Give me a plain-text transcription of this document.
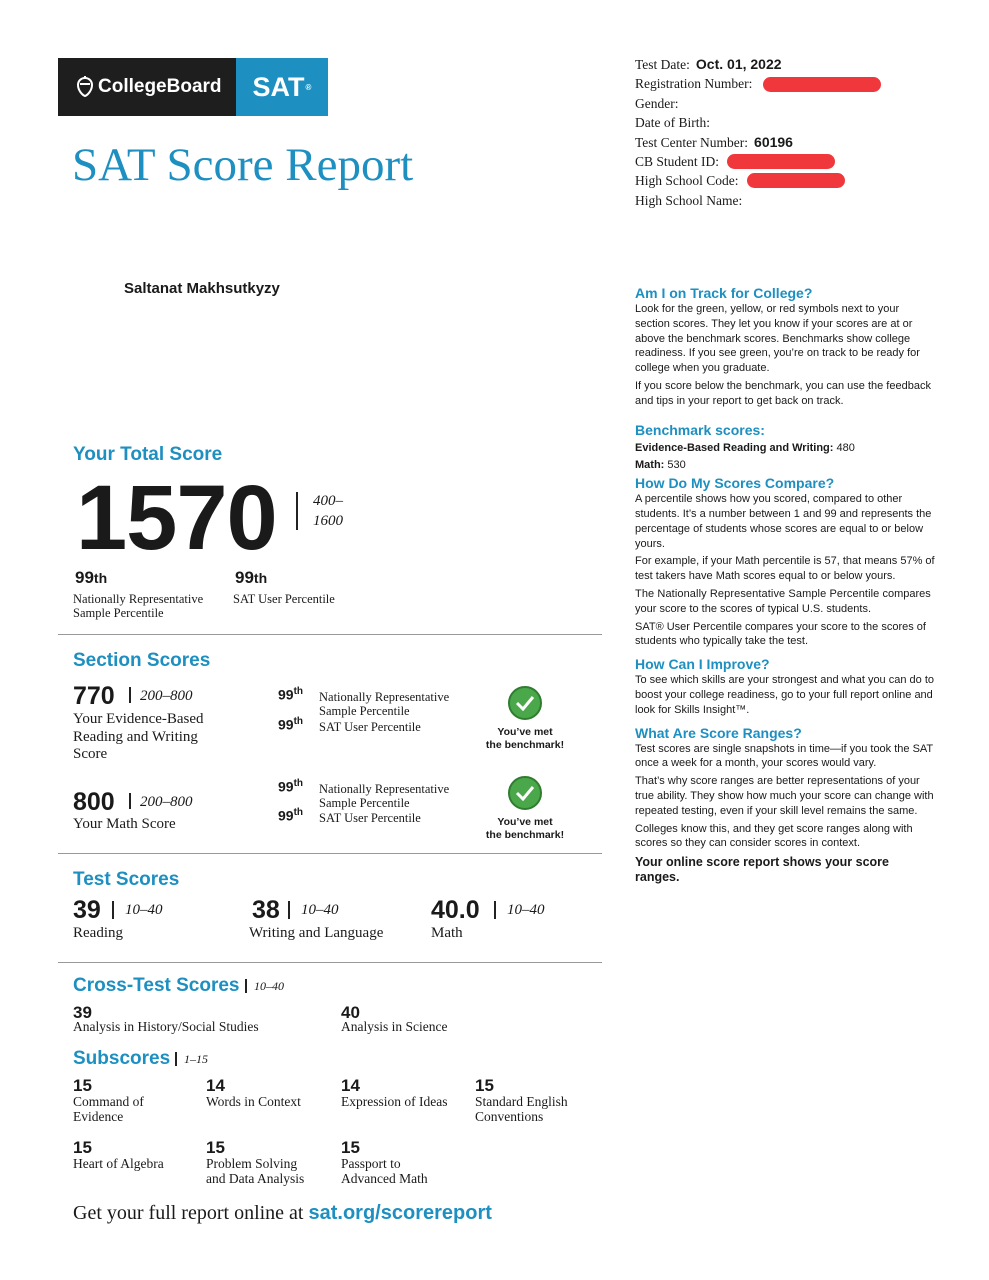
CollegeBoard SAT ®
SAT Score Report
Test Date: Oct. 01, 2022
Registration Number:
Gender:
Date of Birth:
Test Center Number: 60196
CB Student ID:
High School Code:
High School Name:
Saltanat Makhsutkyzy
Your Total Score
1570 400–
1600
99th
Nationally Representative
Sample Percentile
99th
SAT User Percentile
Section Scores
770 200–800
Your Evidence-Based
Reading and Writing
Score
99th Nationally Representative
Sample Percentile
99th SAT User Percentile	You’ve met
the benchmark!
800 200–800
Your Math Score
99th Nationally Representative
Sample Percentile
99th SAT User Percentile	You’ve met
the benchmark!
Test Scores
39 10–40
Reading
38 10–40
Writing and Language
40.0 10–40
Math
Cross-Test Scores 10–40
39
Analysis in History/Social Studies
40
Analysis in Science
Subscores 1–15
15
Command of
Evidence
14
Words in Context
14
Expression of Ideas
15
Standard English
Conventions
15
Heart of Algebra
15
Problem Solving
and Data Analysis
15
Passport to
Advanced Math
Get your full report online at sat.org/scorereport
Am I on Track for College?

Look for the green, yellow, or red symbols next to your section scores. They let you know if your scores are at or above the benchmark scores. Benchmarks show college readiness. If you see green, you’re on track to be ready for college when you graduate.

If you score below the benchmark, you can use the feedback and tips in your report to get back on track.

Benchmark scores:
Evidence-Based Reading and Writing: 480
Math: 530
How Do My Scores Compare?

A percentile shows how you scored, compared to other students. It’s a number between 1 and 99 and represents the percentage of students whose scores are equal to or below yours.

For example, if your Math percentile is 57, that means 57% of test takers have Math scores equal to or below yours.

The Nationally Representative Sample Percentile compares your score to the scores of typical U.S. students.

SAT® User Percentile compares your score to the scores of students who typically take the test.

How Can I Improve?

To see which skills are your strongest and what you can do to boost your college readiness, go to your full report online and look for Skills Insight™.

What Are Score Ranges?

Test scores are single snapshots in time—if you took the SAT once a week for a month, your scores would vary.

That’s why score ranges are better representations of your true ability. They show how much your score can change with repeated testing, even if your skill level remains the same.

Colleges know this, and they get score ranges along with scores so they can consider scores in context.

Your online score report shows your score ranges.
